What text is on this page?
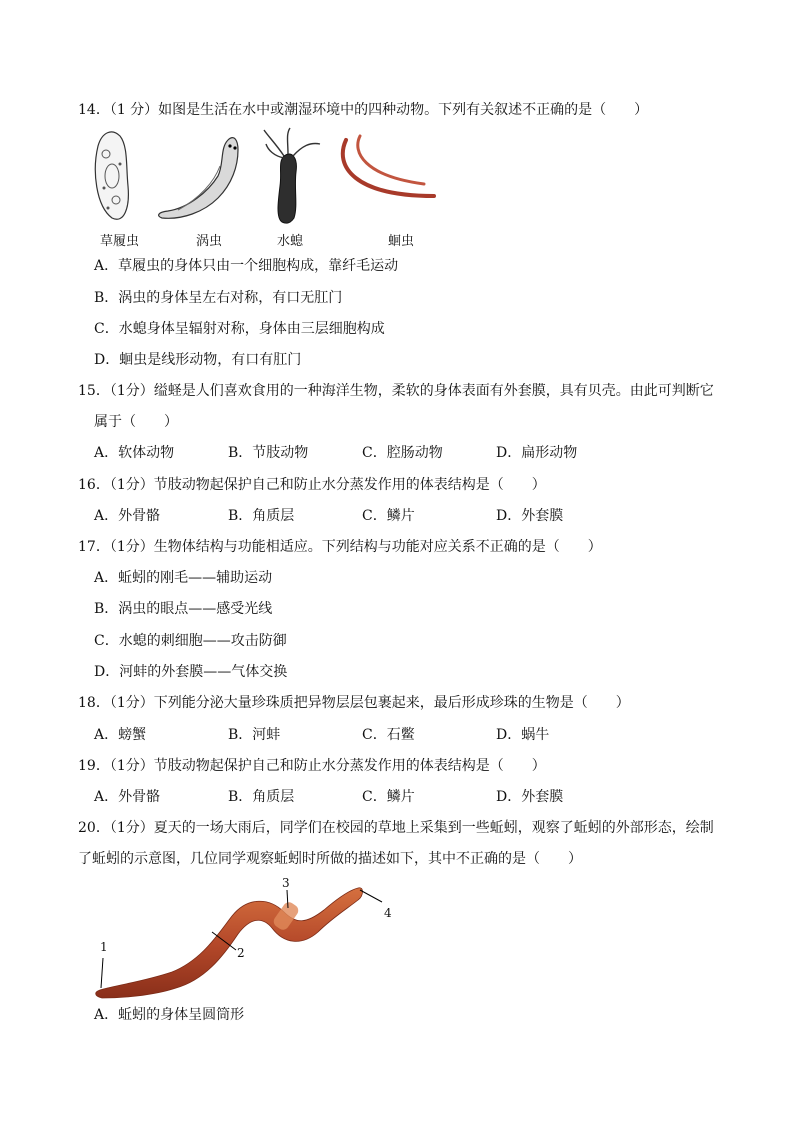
14．（1 分）如图是生活在水中或潮湿环境中的四种动物。下列有关叙述不正确的是（　　）
草履虫	涡虫	水螅	蛔虫
A．草履虫的身体只由一个细胞构成，靠纤毛运动
B．涡虫的身体呈左右对称，有口无肛门
C．水螅身体呈辐射对称，身体由三层细胞构成
D．蛔虫是线形动物，有口有肛门
15．（1分）缢蛏是人们喜欢食用的一种海洋生物，柔软的身体表面有外套膜，具有贝壳。由此可判断它
属于（　　）
A．软体动物	B．节肢动物	C．腔肠动物	D．扁形动物
16．（1分）节肢动物起保护自己和防止水分蒸发作用的体表结构是（　　）
A．外骨骼	B．角质层	C．鳞片	D．外套膜
17．（1分）生物体结构与功能相适应。下列结构与功能对应关系不正确的是（　　）
A．蚯蚓的刚毛——辅助运动
B．涡虫的眼点——感受光线
C．水螅的刺细胞——攻击防御
D．河蚌的外套膜——气体交换
18．（1分）下列能分泌大量珍珠质把异物层层包裹起来，最后形成珍珠的生物是（　　）
A．螃蟹	B．河蚌	C．石鳖	D．蜗牛
19．（1分）节肢动物起保护自己和防止水分蒸发作用的体表结构是（　　）
A．外骨骼	B．角质层	C．鳞片	D．外套膜
20．（1分）夏天的一场大雨后，同学们在校园的草地上采集到一些蚯蚓，观察了蚯蚓的外部形态，绘制
了蚯蚓的示意图，几位同学观察蚯蚓时所做的描述如下，其中不正确的是（　　）
1	2
3
4
A．蚯蚓的身体呈圆筒形
